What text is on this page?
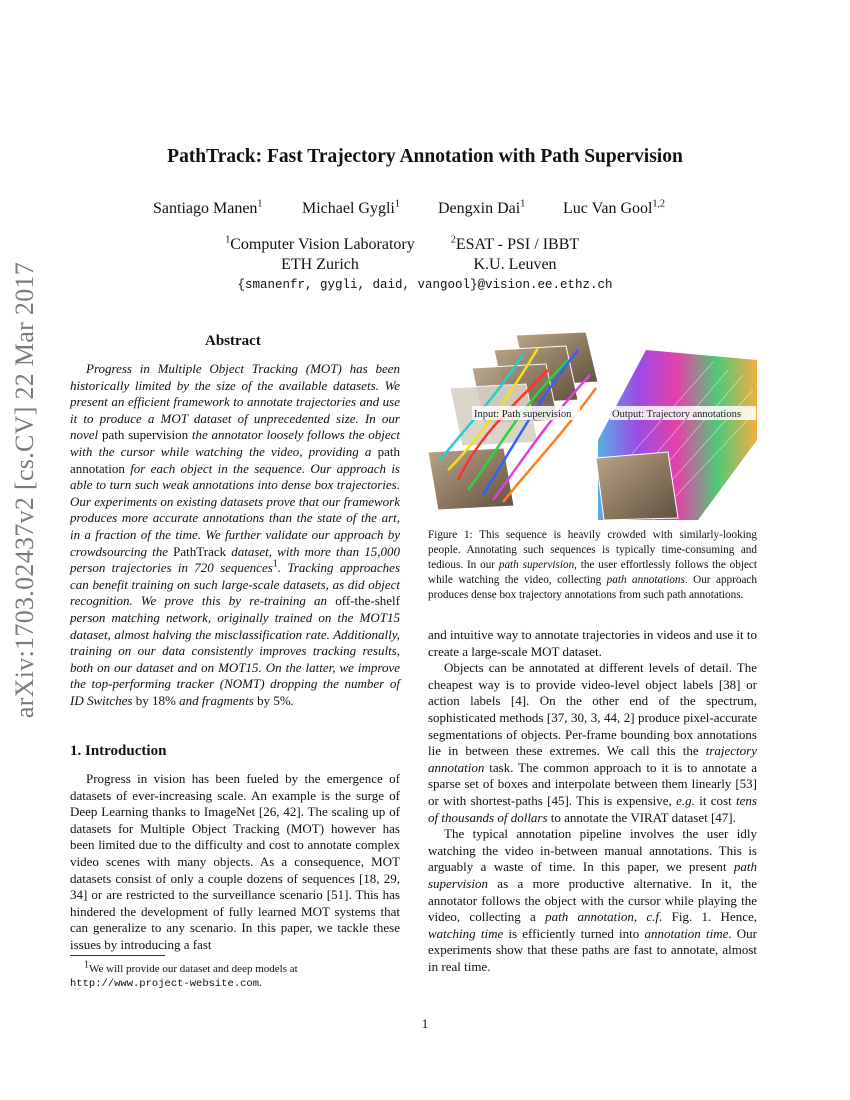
arXiv:1703.02437v2 [cs.CV] 22 Mar 2017
PathTrack: Fast Trajectory Annotation with Path Supervision
Santiago Manen$^1$ Michael Gygli$^1$ Dengxin Dai$^1$ Luc Van Gool$^{1,2}$
$^1$Computer Vision Laboratory
ETH Zurich
$^2$ESAT - PSI / IBBT
K.U. Leuven
{smanenfr, gygli, daid, vangool}@vision.ee.ethz.ch
Abstract

Progress in Multiple Object Tracking (MOT) has been historically limited by the size of the available datasets. We present an efficient framework to annotate trajectories and use it to produce a MOT dataset of unprecedented size. In our novel path supervision the annotator loosely follows the object with the cursor while watching the video, providing a path annotation for each object in the sequence. Our approach is able to turn such weak annotations into dense box trajectories. Our experiments on existing datasets prove that our framework produces more accurate annotations than the state of the art, in a fraction of the time. We further validate our approach by crowdsourcing the PathTrack dataset, with more than 15,000 person trajectories in 720 sequences$^1$. Tracking approaches can benefit training on such large-scale datasets, as did object recognition. We prove this by re-training an off-the-shelf person matching network, originally trained on the MOT15 dataset, almost halving the misclassification rate. Additionally, training on our data consistently improves tracking results, both on our dataset and on MOT15. On the latter, we improve the top-performing tracker (NOMT) dropping the number of ID Switches by 18% and fragments by 5%.

1. Introduction

Progress in vision has been fueled by the emergence of datasets of ever-increasing scale. An example is the surge of Deep Learning thanks to ImageNet [26, 42]. The scaling up of datasets for Multiple Object Tracking (MOT) however has been limited due to the difficulty and cost to annotate complex video scenes with many objects. As a consequence, MOT datasets consist of only a couple dozens of sequences [18, 29, 34] or are restricted to the surveillance scenario [51]. This has hindered the development of fully learned MOT systems that can generalize to any scenario. In this paper, we tackle these issues by introducing a fast

$^1$We will provide our dataset and deep models at http://www.project-website.com.
Input: Path supervision	Output: Trajectory annotations
Figure 1: This sequence is heavily crowded with similarly-looking people. Annotating such sequences is typically time-consuming and tedious. In our path supervision, the user effortlessly follows the object while watching the video, collecting path annotations. Our approach produces dense box trajectory annotations from such path annotations.

and intuitive way to annotate trajectories in videos and use it to create a large-scale MOT dataset.

Objects can be annotated at different levels of detail. The cheapest way is to provide video-level object labels [38] or action labels [4]. On the other end of the spectrum, sophisticated methods [37, 30, 3, 44, 2] produce pixel-accurate segmentations of objects. Per-frame bounding box annotations lie in between these extremes. We call this the trajectory annotation task. The common approach to it is to annotate a sparse set of boxes and interpolate between them linearly [53] or with shortest-paths [45]. This is expensive, e.g. it cost tens of thousands of dollars to annotate the VIRAT dataset [47].

The typical annotation pipeline involves the user idly watching the video in-between manual annotations. This is arguably a waste of time. In this paper, we present path supervision as a more productive alternative. In it, the annotator follows the object with the cursor while playing the video, collecting a path annotation, c.f. Fig. 1. Hence, watching time is efficiently turned into annotation time. Our experiments show that these paths are fast to annotate, almost in real time.

1
